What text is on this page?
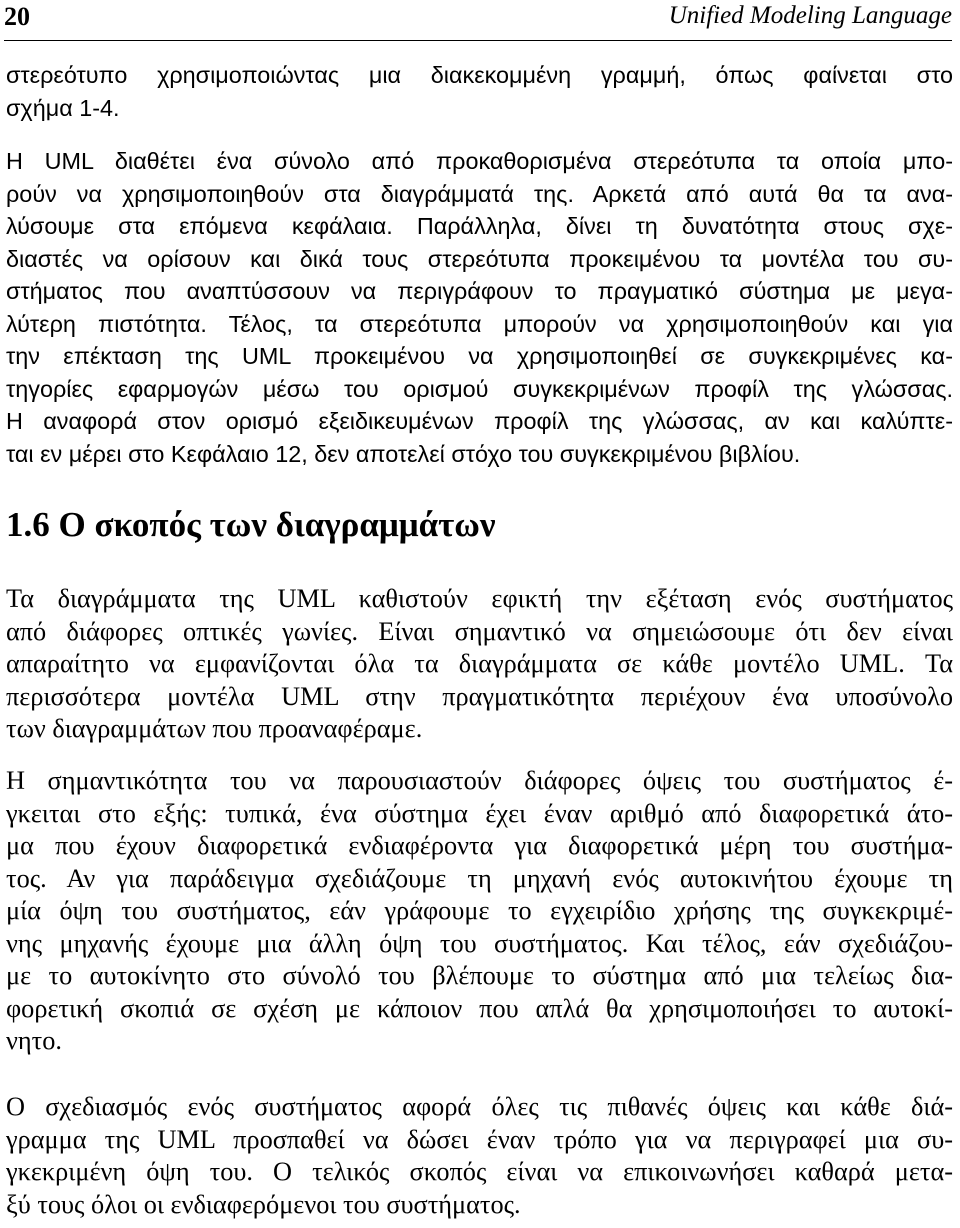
20	Unified Modeling Language

στερεότυπο χρησιμοποιώντας μια διακεκομμένη γραμμή, όπως φαίνεται στο
σχήμα 1-4.

Η UML διαθέτει ένα σύνολο από προκαθορισμένα στερεότυπα τα οποία μπο-
ρούν να χρησιμοποιηθούν στα διαγράμματά της. Αρκετά από αυτά θα τα ανα-
λύσουμε στα επόμενα κεφάλαια. Παράλληλα, δίνει τη δυνατότητα στους σχε-
διαστές να ορίσουν και δικά τους στερεότυπα προκειμένου τα μοντέλα του συ-
στήματος που αναπτύσσουν να περιγράφουν το πραγματικό σύστημα με μεγα-
λύτερη πιστότητα. Τέλος, τα στερεότυπα μπορούν να χρησιμοποιηθούν και για
την επέκταση της UML προκειμένου να χρησιμοποιηθεί σε συγκεκριμένες κα-
τηγορίες εφαρμογών μέσω του ορισμού συγκεκριμένων προφίλ της γλώσσας.
Η αναφορά στον ορισμό εξειδικευμένων προφίλ της γλώσσας, αν και καλύπτε-
ται εν μέρει στο Κεφάλαιο 12, δεν αποτελεί στόχο του συγκεκριμένου βιβλίου.

1.6 Ο σκοπός των διαγραμμάτων

Τα διαγράμματα της UML καθιστούν εφικτή την εξέταση ενός συστήματος
από διάφορες οπτικές γωνίες. Είναι σημαντικό να σημειώσουμε ότι δεν είναι
απαραίτητο να εμφανίζονται όλα τα διαγράμματα σε κάθε μοντέλο UML. Τα
περισσότερα μοντέλα UML στην πραγματικότητα περιέχουν ένα υποσύνολο
των διαγραμμάτων που προαναφέραμε.

Η σημαντικότητα του να παρουσιαστούν διάφορες όψεις του συστήματος έ-
γκειται στο εξής: τυπικά, ένα σύστημα έχει έναν αριθμό από διαφορετικά άτο-
μα που έχουν διαφορετικά ενδιαφέροντα για διαφορετικά μέρη του συστήμα-
τος. Αν για παράδειγμα σχεδιάζουμε τη μηχανή ενός αυτοκινήτου έχουμε τη
μία όψη του συστήματος, εάν γράφουμε το εγχειρίδιο χρήσης της συγκεκριμέ-
νης μηχανής έχουμε μια άλλη όψη του συστήματος. Και τέλος, εάν σχεδιάζου-
με το αυτοκίνητο στο σύνολό του βλέπουμε το σύστημα από μια τελείως δια-
φορετική σκοπιά σε σχέση με κάποιον που απλά θα χρησιμοποιήσει το αυτοκί-
νητο.

Ο σχεδιασμός ενός συστήματος αφορά όλες τις πιθανές όψεις και κάθε διά-
γραμμα της UML προσπαθεί να δώσει έναν τρόπο για να περιγραφεί μια συ-
γκεκριμένη όψη του. Ο τελικός σκοπός είναι να επικοινωνήσει καθαρά μετα-
ξύ τους όλοι οι ενδιαφερόμενοι του συστήματος.
